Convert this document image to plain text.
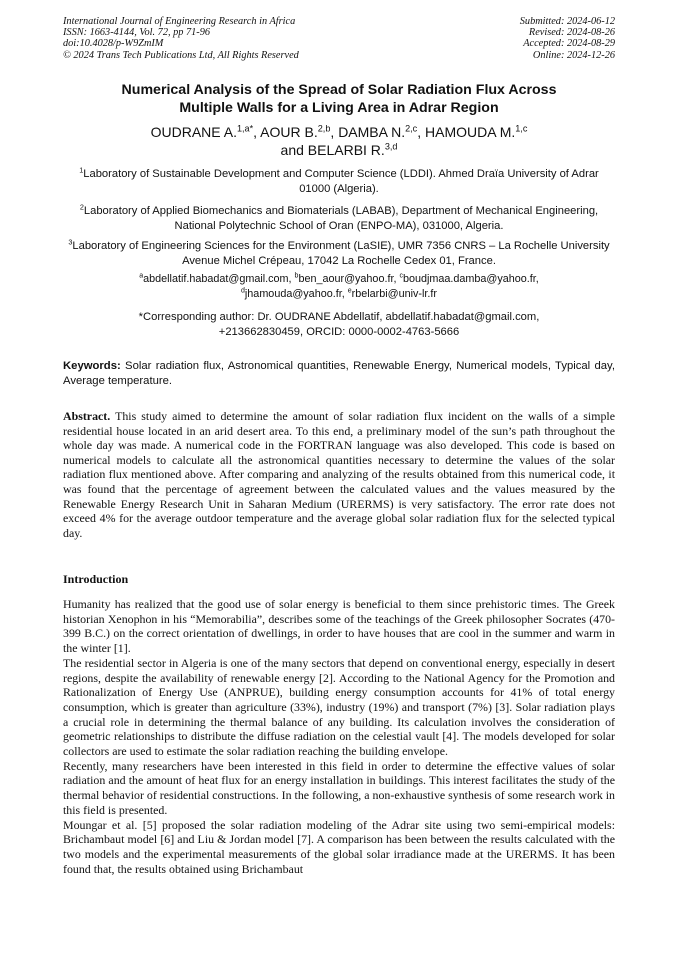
International Journal of Engineering Research in Africa
ISSN: 1663-4144, Vol. 72, pp 71-96
doi:10.4028/p-W9ZmIM
© 2024 Trans Tech Publications Ltd, All Rights Reserved
Submitted: 2024-06-12
Revised: 2024-08-26
Accepted: 2024-08-29
Online: 2024-12-26
Numerical Analysis of the Spread of Solar Radiation Flux Across
Multiple Walls for a Living Area in Adrar Region
OUDRANE A.$^{1,a*}$, AOUR B.$^{2,b}$, DAMBA N.$^{2,c}$, HAMOUDA M.$^{1,c}$
and BELARBI R.$^{3,d}$
$^1$Laboratory of Sustainable Development and Computer Science (LDDI). Ahmed Draïa University of Adrar 01000 (Algeria).
$^2$Laboratory of Applied Biomechanics and Biomaterials (LABAB), Department of Mechanical Engineering, National Polytechnic School of Oran (ENPO-MA), 031000, Algeria.
$^3$Laboratory of Engineering Sciences for the Environment (LaSIE), UMR 7356 CNRS – La Rochelle University Avenue Michel Crépeau, 17042 La Rochelle Cedex 01, France.
$^a$abdellatif.habadat@gmail.com, $^b$ben_aour@yahoo.fr, $^c$boudjmaa.damba@yahoo.fr,
$^d$jhamouda@yahoo.fr, $^e$rbelarbi@univ-lr.fr
*Corresponding author: Dr. OUDRANE Abdellatif, abdellatif.habadat@gmail.com,
+213662830459, ORCID: 0000-0002-4763-5666
Keywords: Solar radiation flux, Astronomical quantities, Renewable Energy, Numerical models, Typical day, Average temperature.
Abstract. This study aimed to determine the amount of solar radiation flux incident on the walls of a simple residential house located in an arid desert area. To this end, a preliminary model of the sun’s path throughout the whole day was made. A numerical code in the FORTRAN language was also developed. This code is based on numerical models to calculate all the astronomical quantities necessary to determine the values of the solar radiation flux mentioned above. After comparing and analyzing of the results obtained from this numerical code, it was found that the percentage of agreement between the calculated values and the values measured by the Renewable Energy Research Unit in Saharan Medium (URERMS) is very satisfactory. The error rate does not exceed 4% for the average outdoor temperature and the average global solar radiation flux for the selected typical day.
Introduction

Humanity has realized that the good use of solar energy is beneficial to them since prehistoric times. The Greek historian Xenophon in his “Memorabilia”, describes some of the teachings of the Greek philosopher Socrates (470-399 B.C.) on the correct orientation of dwellings, in order to have houses that are cool in the summer and warm in the winter [1].

The residential sector in Algeria is one of the many sectors that depend on conventional energy, especially in desert regions, despite the availability of renewable energy [2]. According to the National Agency for the Promotion and Rationalization of Energy Use (ANPRUE), building energy consumption accounts for 41% of total energy consumption, which is greater than agriculture (33%), industry (19%) and transport (7%) [3]. Solar radiation plays a crucial role in determining the thermal balance of any building. Its calculation involves the consideration of geometric relationships to distribute the diffuse radiation on the celestial vault [4]. The models developed for solar collectors are used to estimate the solar radiation reaching the building envelope.

Recently, many researchers have been interested in this field in order to determine the effective values of solar radiation and the amount of heat flux for an energy installation in buildings. This interest facilitates the study of the thermal behavior of residential constructions. In the following, a non-exhaustive synthesis of some research work in this field is presented.

Moungar et al. [5] proposed the solar radiation modeling of the Adrar site using two semi-empirical models: Brichambaut model [6] and Liu & Jordan model [7]. A comparison has been between the results calculated with the two models and the experimental measurements of the global solar irradiance made at the URERMS. It has been found that, the results obtained using Brichambaut
